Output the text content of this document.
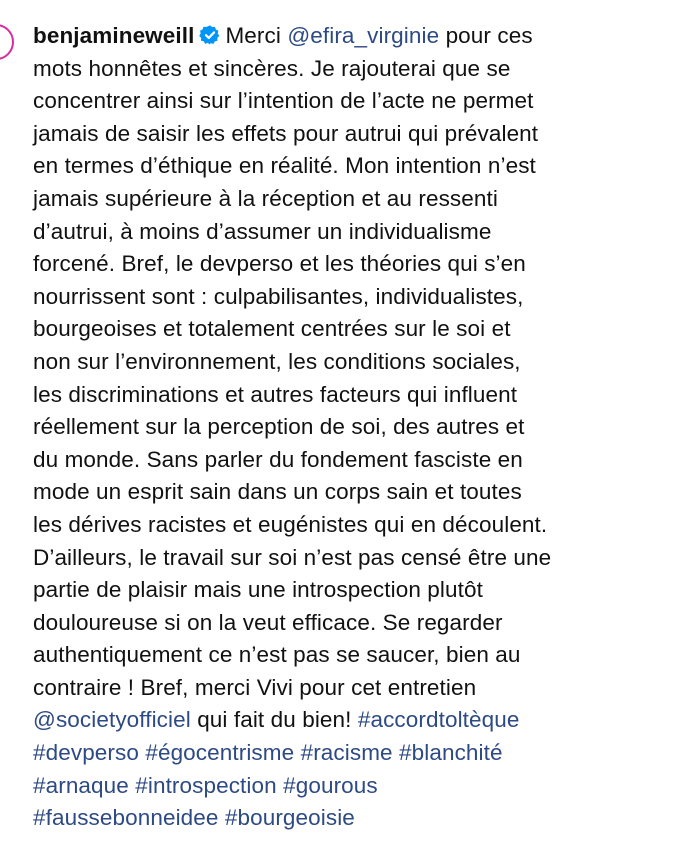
benjamineweill Merci @efira_virginie pour ces
mots honnêtes et sincères. Je rajouterai que se
concentrer ainsi sur l’intention de l’acte ne permet
jamais de saisir les effets pour autrui qui prévalent
en termes d’éthique en réalité. Mon intention n’est
jamais supérieure à la réception et au ressenti
d’autrui, à moins d’assumer un individualisme
forcené. Bref, le devperso et les théories qui s’en
nourrissent sont : culpabilisantes, individualistes,
bourgeoises et totalement centrées sur le soi et
non sur l’environnement, les conditions sociales,
les discriminations et autres facteurs qui influent
réellement sur la perception de soi, des autres et
du monde. Sans parler du fondement fasciste en
mode un esprit sain dans un corps sain et toutes
les dérives racistes et eugénistes qui en découlent.
D’ailleurs, le travail sur soi n’est pas censé être une
partie de plaisir mais une introspection plutôt
douloureuse si on la veut efficace. Se regarder
authentiquement ce n’est pas se saucer, bien au
contraire ! Bref, merci Vivi pour cet entretien
@societyofficiel qui fait du bien! #accordtoltèque
#devperso #égocentrisme #racisme #blanchité
#arnaque #introspection #gourous
#faussebonneidee #bourgeoisie
